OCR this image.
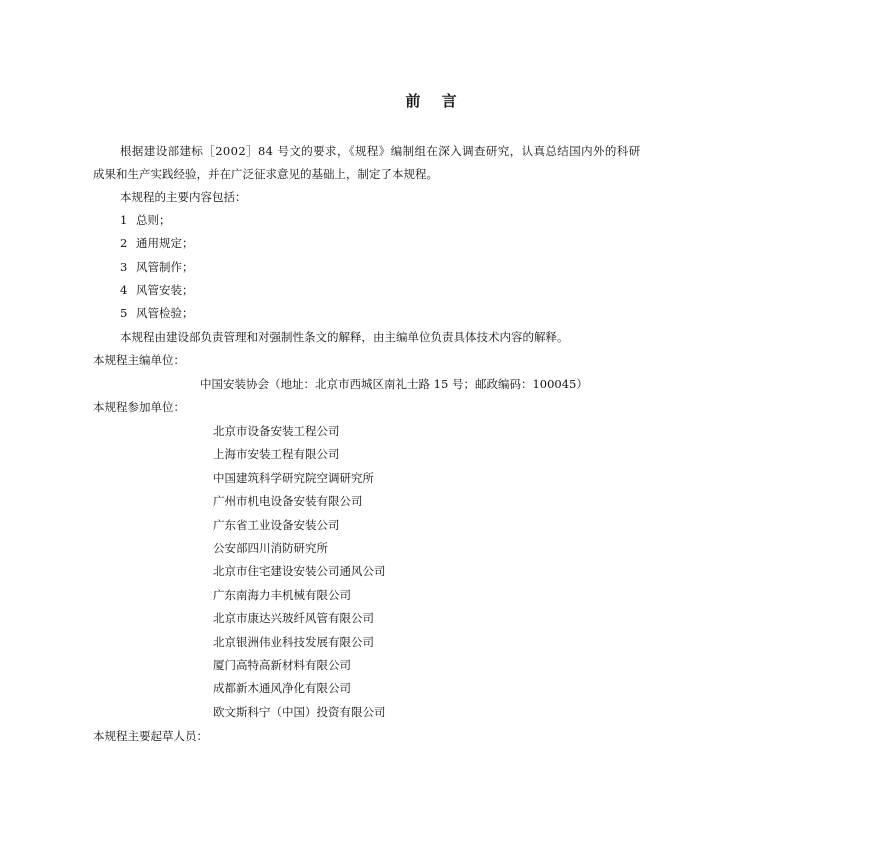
前 言
根据建设部建标［2002］84 号文的要求，《规程》编制组在深入调查研究，认真总结国内外的科研
成果和生产实践经验，并在广泛征求意见的基础上，制定了本规程。
本规程的主要内容包括：
1 总则；
2 通用规定；
3 风管制作；
4 风管安装；
5 风管检验；
本规程由建设部负责管理和对强制性条文的解释，由主编单位负责具体技术内容的解释。
本规程主编单位：
中国安装协会（地址：北京市西城区南礼士路 15 号；邮政编码：100045）
本规程参加单位：
北京市设备安装工程公司
上海市安装工程有限公司
中国建筑科学研究院空调研究所
广州市机电设备安装有限公司
广东省工业设备安装公司
公安部四川消防研究所
北京市住宅建设安装公司通风公司
广东南海力丰机械有限公司
北京市康达兴玻纤风管有限公司
北京银洲伟业科技发展有限公司
厦门高特高新材料有限公司
成都新木通风净化有限公司
欧文斯科宁（中国）投资有限公司
本规程主要起草人员：
